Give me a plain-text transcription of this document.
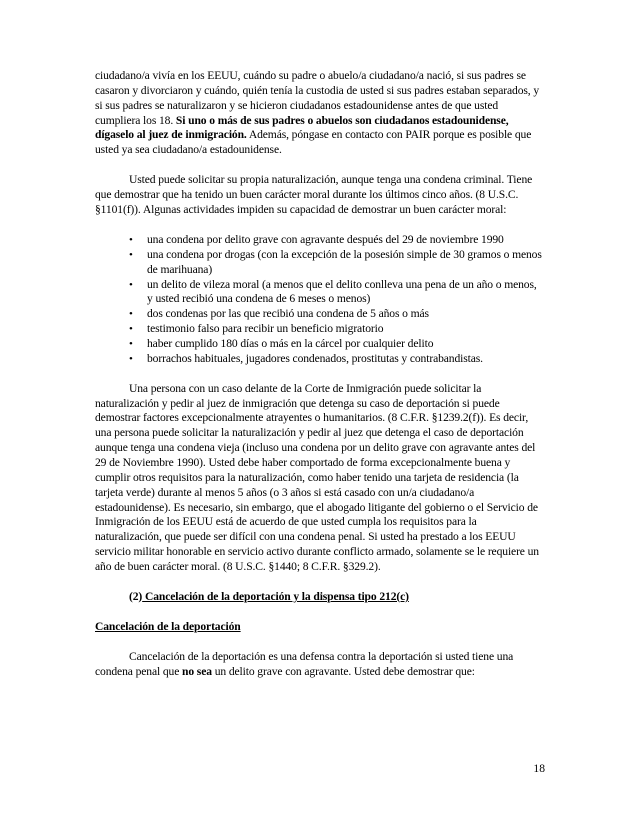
ciudadano/a vivía en los EEUU, cuándo su padre o abuelo/a ciudadano/a nació, si sus padres se casaron y divorciaron y cuándo, quién tenía la custodia de usted si sus padres estaban separados, y si sus padres se naturalizaron y se hicieron ciudadanos estadounidense antes de que usted cumpliera los 18. Si uno o más de sus padres o abuelos son ciudadanos estadounidense, dígaselo al juez de inmigración. Además, póngase en contacto con PAIR porque es posible que usted ya sea ciudadano/a estadounidense.

Usted puede solicitar su propia naturalización, aunque tenga una condena criminal. Tiene que demostrar que ha tenido un buen carácter moral durante los últimos cinco años. (8 U.S.C. §1101(f)). Algunas actividades impiden su capacidad de demostrar un buen carácter moral:

• una condena por delito grave con agravante después del 29 de noviembre 1990
• una condena por drogas (con la excepción de la posesión simple de 30 gramos o menos de marihuana)
• un delito de vileza moral (a menos que el delito conlleva una pena de un año o menos, y usted recibió una condena de 6 meses o menos)
• dos condenas por las que recibió una condena de 5 años o más
• testimonio falso para recibir un beneficio migratorio
• haber cumplido 180 días o más en la cárcel por cualquier delito
• borrachos habituales, jugadores condenados, prostitutas y contrabandistas.

Una persona con un caso delante de la Corte de Inmigración puede solicitar la naturalización y pedir al juez de inmigración que detenga su caso de deportación si puede demostrar factores excepcionalmente atrayentes o humanitarios. (8 C.F.R. §1239.2(f)). Es decir, una persona puede solicitar la naturalización y pedir al juez que detenga el caso de deportación aunque tenga una condena vieja (incluso una condena por un delito grave con agravante antes del 29 de Noviembre 1990). Usted debe haber comportado de forma excepcionalmente buena y cumplir otros requisitos para la naturalización, como haber tenido una tarjeta de residencia (la tarjeta verde) durante al menos 5 años (o 3 años si está casado con un/a ciudadano/a estadounidense). Es necesario, sin embargo, que el abogado litigante del gobierno o el Servicio de Inmigración de los EEUU está de acuerdo de que usted cumpla los requisitos para la naturalización, que puede ser difícil con una condena penal. Si usted ha prestado a los EEUU servicio militar honorable en servicio activo durante conflicto armado, solamente se le requiere un año de buen carácter moral. (8 U.S.C. §1440; 8 C.F.R. §329.2).

(2) Cancelación de la deportación y la dispensa tipo 212(c)

Cancelación de la deportación

Cancelación de la deportación es una defensa contra la deportación si usted tiene una condena penal que no sea un delito grave con agravante. Usted debe demostrar que:

18
